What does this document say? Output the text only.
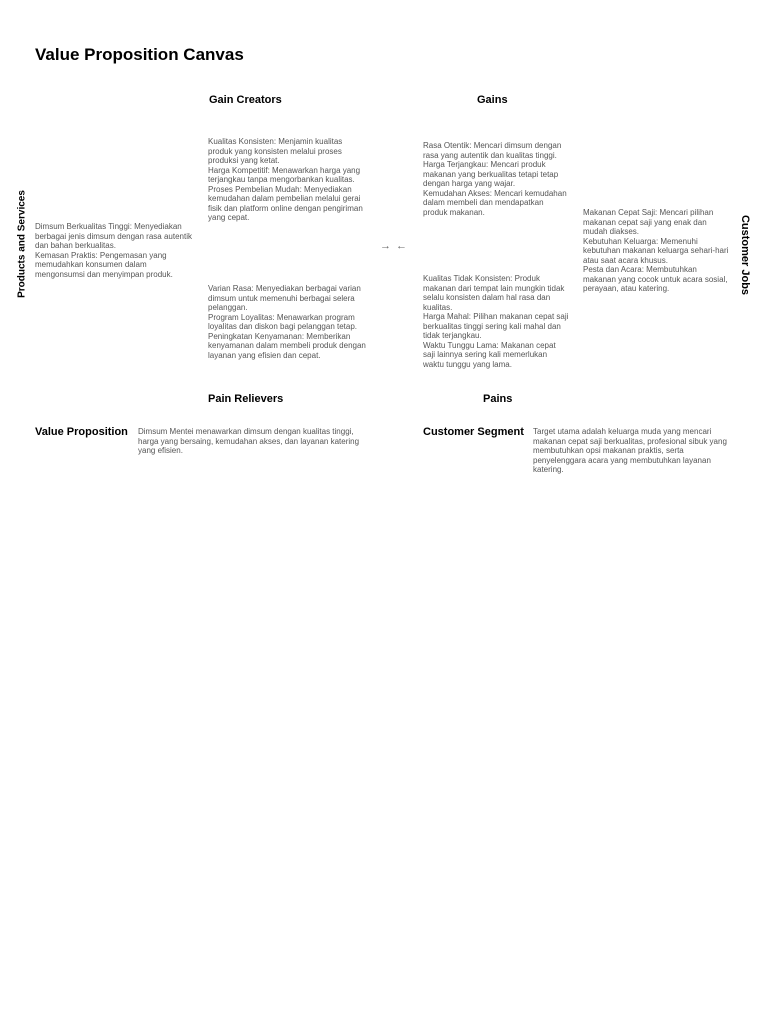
Value Proposition Canvas
Gain Creators	Gains
Products and Services	Customer Jobs
Dimsum Berkualitas Tinggi: Menyediakan
berbagai jenis dimsum dengan rasa autentik
dan bahan berkualitas.
Kemasan Praktis: Pengemasan yang
memudahkan konsumen dalam
mengonsumsi dan menyimpan produk.
Kualitas Konsisten: Menjamin kualitas
produk yang konsisten melalui proses
produksi yang ketat.
Harga Kompetitif: Menawarkan harga yang
terjangkau tanpa mengorbankan kualitas.
Proses Pembelian Mudah: Menyediakan
kemudahan dalam pembelian melalui gerai
fisik dan platform online dengan pengiriman
yang cepat.
Varian Rasa: Menyediakan berbagai varian
dimsum untuk memenuhi berbagai selera
pelanggan.
Program Loyalitas: Menawarkan program
loyalitas dan diskon bagi pelanggan tetap.
Peningkatan Kenyamanan: Memberikan
kenyamanan dalam membeli produk dengan
layanan yang efisien dan cepat.
→ ←
Rasa Otentik: Mencari dimsum dengan
rasa yang autentik dan kualitas tinggi.
Harga Terjangkau: Mencari produk
makanan yang berkualitas tetapi tetap
dengan harga yang wajar.
Kemudahan Akses: Mencari kemudahan
dalam membeli dan mendapatkan
produk makanan.
Kualitas Tidak Konsisten: Produk
makanan dari tempat lain mungkin tidak
selalu konsisten dalam hal rasa dan
kualitas.
Harga Mahal: Pilihan makanan cepat saji
berkualitas tinggi sering kali mahal dan
tidak terjangkau.
Waktu Tunggu Lama: Makanan cepat
saji lainnya sering kali memerlukan
waktu tunggu yang lama.
Makanan Cepat Saji: Mencari pilihan
makanan cepat saji yang enak dan
mudah diakses.
Kebutuhan Keluarga: Memenuhi
kebutuhan makanan keluarga sehari-hari
atau saat acara khusus.
Pesta dan Acara: Membutuhkan
makanan yang cocok untuk acara sosial,
perayaan, atau katering.
Pain Relievers	Pains
Value Proposition Dimsum Mentei menawarkan dimsum dengan kualitas tinggi,
harga yang bersaing, kemudahan akses, dan layanan katering
yang efisien.
Customer Segment Target utama adalah keluarga muda yang mencari
makanan cepat saji berkualitas, profesional sibuk yang
membutuhkan opsi makanan praktis, serta
penyelenggara acara yang membutuhkan layanan
katering.
